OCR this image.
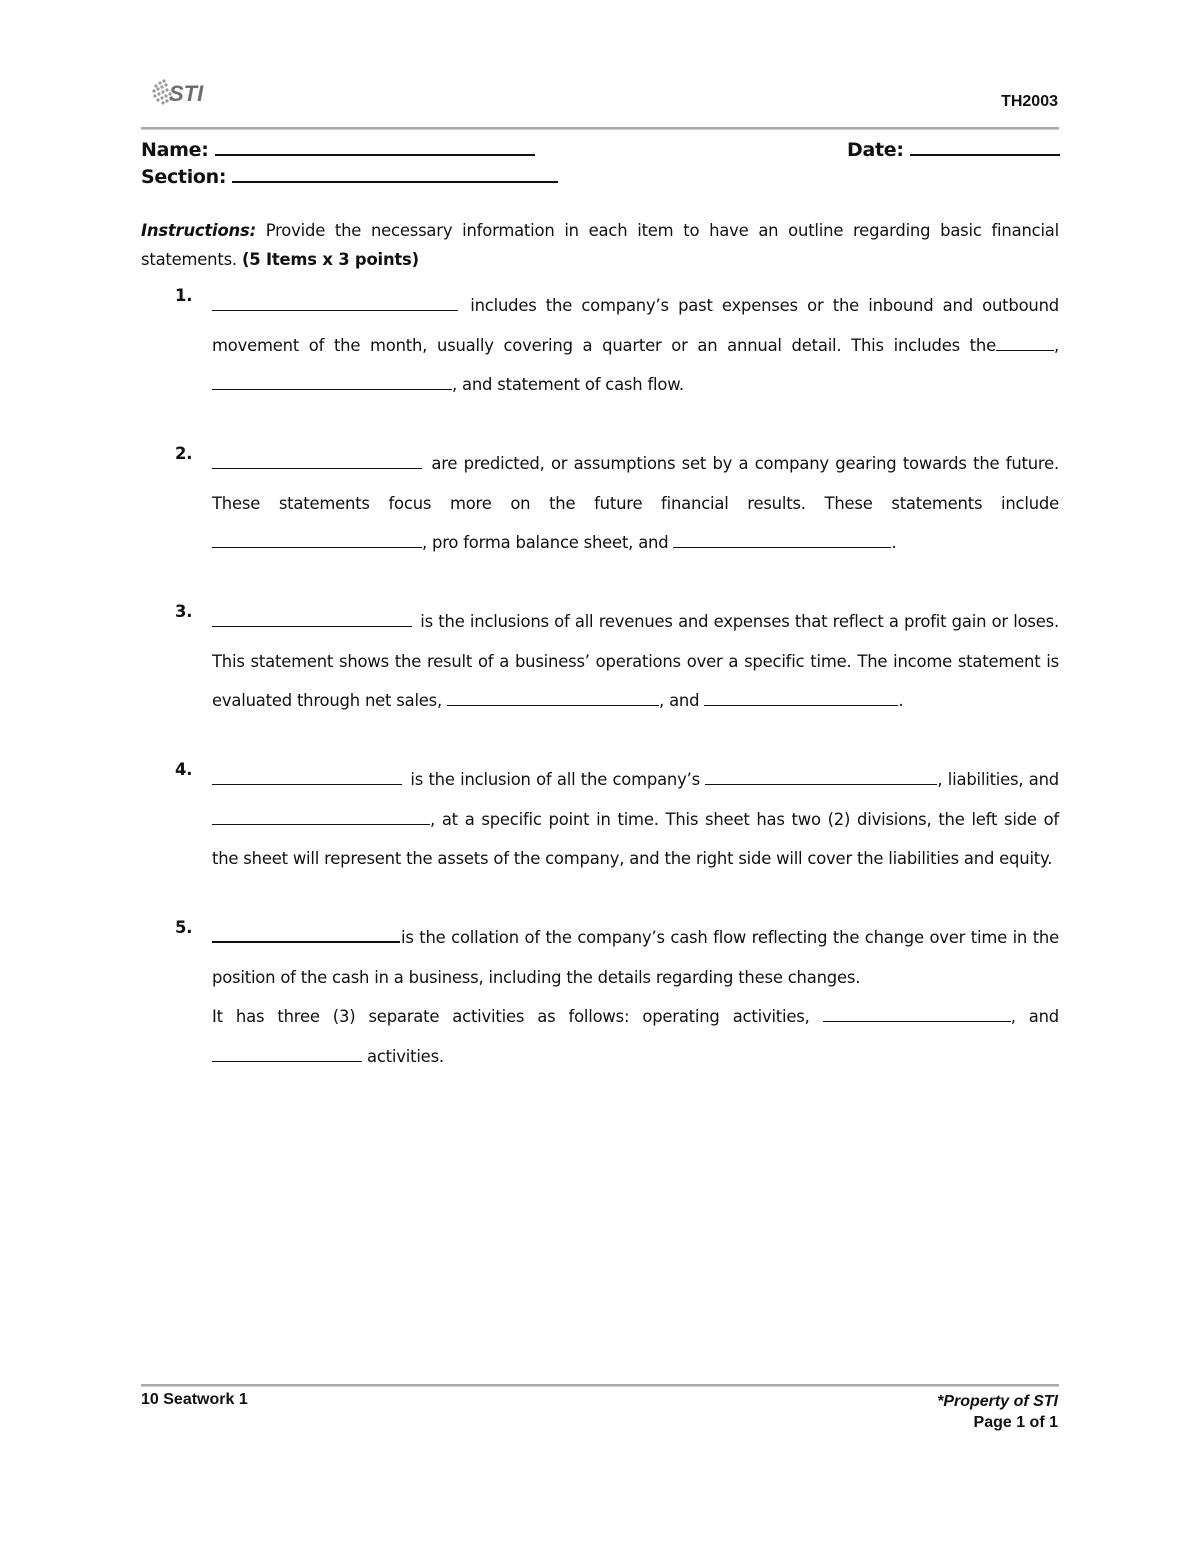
STI	TH2003
Name:	Date:
Section:
Instructions: Provide the necessary information in each item to have an outline regarding basic financial statements. (5 Items x 3 points)
1.
includes the company’s past expenses or the inbound and outbound movement of the month, usually covering a quarter or an annual detail. This includes the	, , and statement of cash flow.
2.
are predicted, or assumptions set by a company gearing towards the future. These statements focus more on the future financial results. These statements include , pro forma balance sheet, and	.
3.
is the inclusions of all revenues and expenses that reflect a profit gain or loses. This statement shows the result of a business’ operations over a specific time. The income statement is evaluated through net sales,	, and	.
4.
is the inclusion of all the company’s	, liabilities, and , at a specific point in time. This sheet has two (2) divisions, the left side of the sheet will represent the assets of the company, and the right side will cover the liabilities and equity.
5.
is the collation of the company’s cash flow reflecting the change over time in the position of the cash in a business, including the details regarding these changes.
It has three (3) separate activities as follows: operating activities,	, and
activities.
10 Seatwork 1	*Property of STI
Page 1 of 1
